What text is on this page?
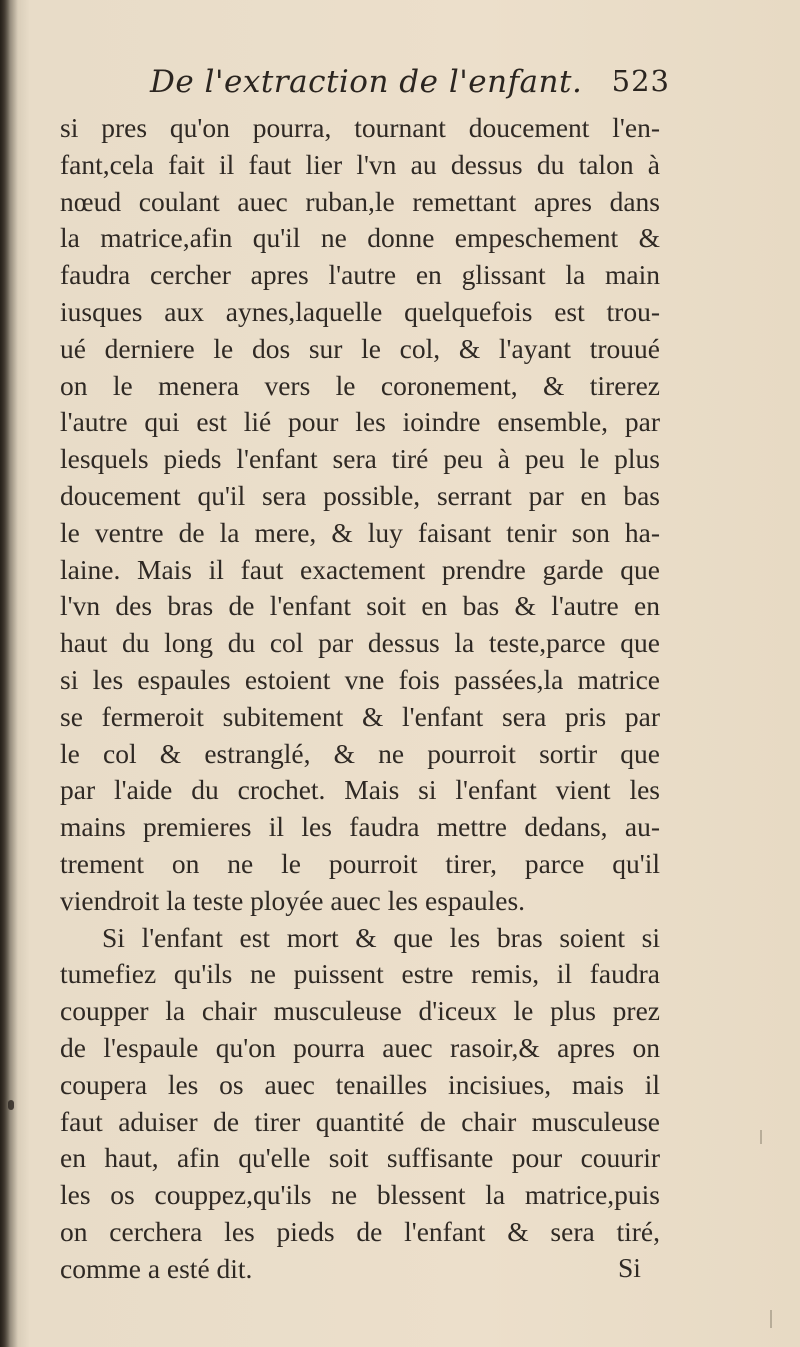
De l'extraction de l'enfant. 523
si pres qu'on pourra, tournant doucement l'en-
fant,cela fait il faut lier l'vn au dessus du talon à
nœud coulant auec ruban,le remettant apres dans
la matrice,afin qu'il ne donne empeschement &
faudra cercher apres l'autre en glissant la main
iusques aux aynes,laquelle quelquefois est trou-
ué derniere le dos sur le col, & l'ayant trouué
on le menera vers le coronement, & tirerez
l'autre qui est lié pour les ioindre ensemble, par
lesquels pieds l'enfant sera tiré peu à peu le plus
doucement qu'il sera possible, serrant par en bas
le ventre de la mere, & luy faisant tenir son ha-
laine. Mais il faut exactement prendre garde que
l'vn des bras de l'enfant soit en bas & l'autre en
haut du long du col par dessus la teste,parce que
si les espaules estoient vne fois passées,la matrice
se fermeroit subitement & l'enfant sera pris par
le col & estranglé, & ne pourroit sortir que
par l'aide du crochet. Mais si l'enfant vient les
mains premieres il les faudra mettre dedans, au-
trement on ne le pourroit tirer, parce qu'il
viendroit la teste ployée auec les espaules.
Si l'enfant est mort & que les bras soient si
tumefiez qu'ils ne puissent estre remis, il faudra
coupper la chair musculeuse d'iceux le plus prez
de l'espaule qu'on pourra auec rasoir,& apres on
coupera les os auec tenailles incisiues, mais il
faut aduiser de tirer quantité de chair musculeuse
en haut, afin qu'elle soit suffisante pour couurir
les os couppez,qu'ils ne blessent la matrice,puis
on cerchera les pieds de l'enfant & sera tiré,
comme a esté dit.	Si
